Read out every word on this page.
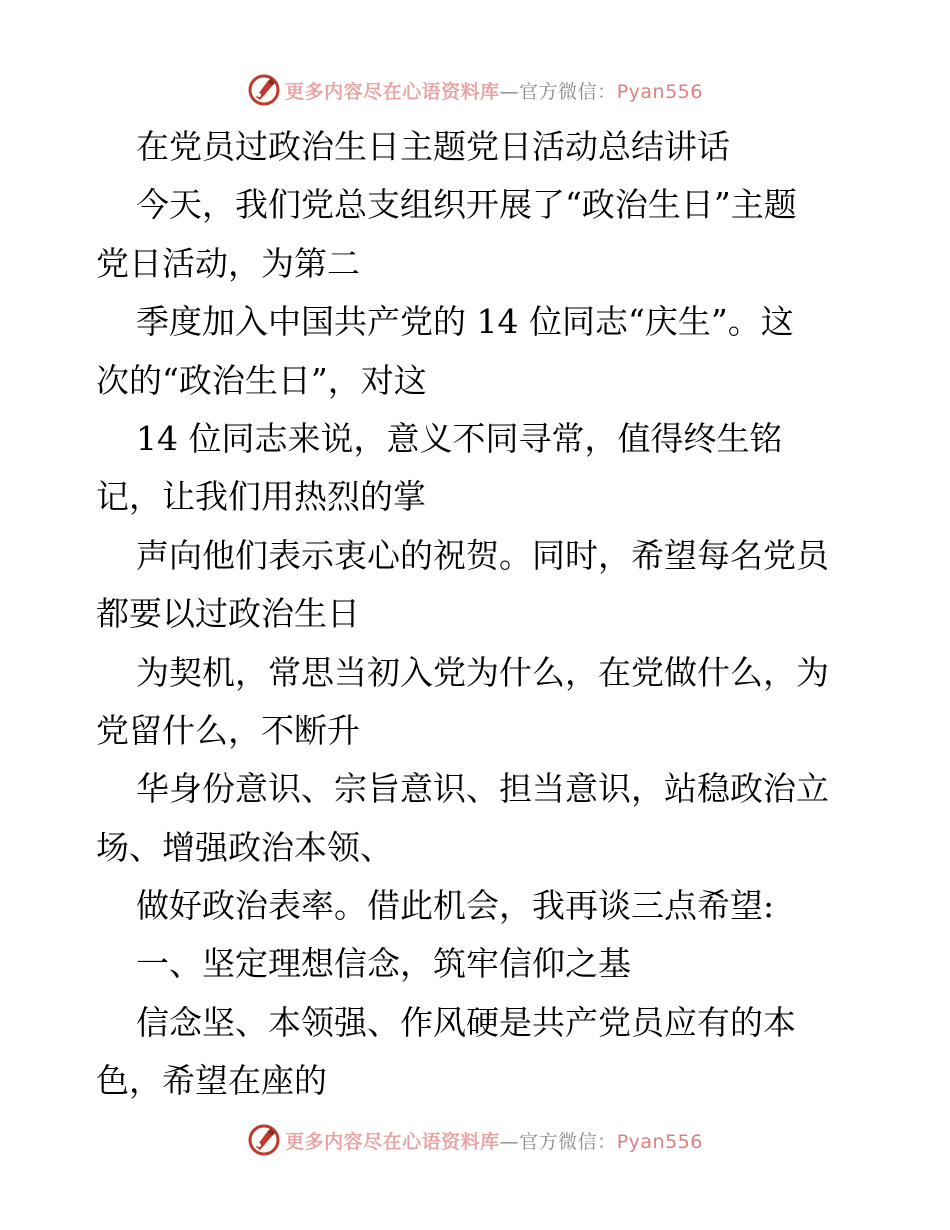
更多内容尽在心语资料库—官方微信：Pyan556
在党员过政治生日主题党日活动总结讲话
今天，我们党总支组织开展了“政治生日”主题
党日活动，为第二
季度加入中国共产党的 14 位同志“庆生”。这
次的“政治生日”，对这
14 位同志来说，意义不同寻常，值得终生铭
记，让我们用热烈的掌
声向他们表示衷心的祝贺。同时，希望每名党员
都要以过政治生日
为契机，常思当初入党为什么，在党做什么，为
党留什么，不断升
华身份意识、宗旨意识、担当意识，站稳政治立
场、增强政治本领、
做好政治表率。借此机会，我再谈三点希望:
一、坚定理想信念，筑牢信仰之基
信念坚、本领强、作风硬是共产党员应有的本
色，希望在座的
更多内容尽在心语资料库—官方微信：Pyan556
